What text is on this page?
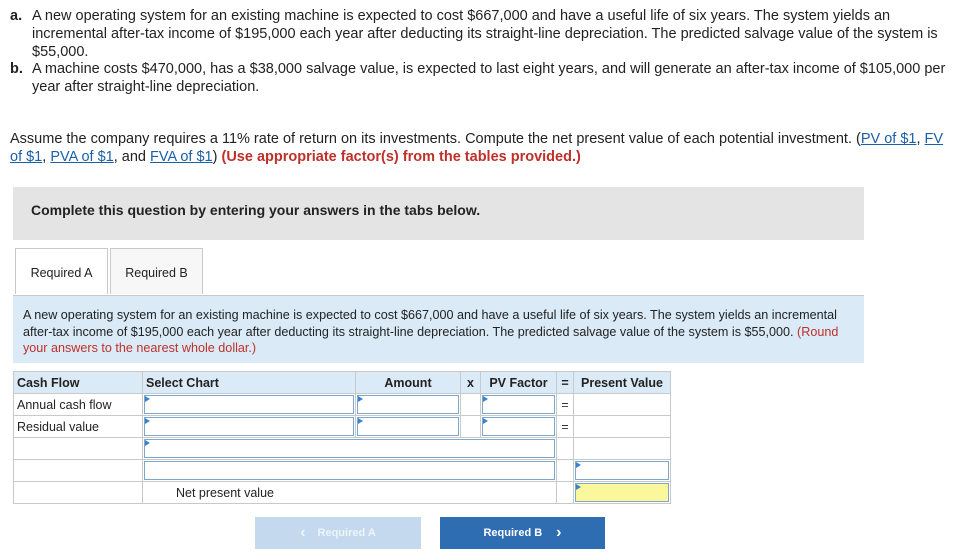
a. A new operating system for an existing machine is expected to cost $667,000 and have a useful life of six years. The system yields an incremental after-tax income of $195,000 each year after deducting its straight-line depreciation. The predicted salvage value of the system is $55,000.
b. A machine costs $470,000, has a $38,000 salvage value, is expected to last eight years, and will generate an after-tax income of $105,000 per year after straight-line depreciation.
Assume the company requires a 11% rate of return on its investments. Compute the net present value of each potential investment. (PV of $1, FV of $1, PVA of $1, and FVA of $1) (Use appropriate factor(s) from the tables provided.)
Complete this question by entering your answers in the tabs below.
Required A	Required B
A new operating system for an existing machine is expected to cost $667,000 and have a useful life of six years. The system yields an incremental after-tax income of $195,000 each year after deducting its straight-line depreciation. The predicted salvage value of the system is $55,000. (Round your answers to the nearest whole dollar.)
Cash Flow	Select Chart	Amount	x	PV Factor	=	Present Value
Annual cash flow					=	
Residual value					=	

	Net present value					
‹ Required A	Required B ›
